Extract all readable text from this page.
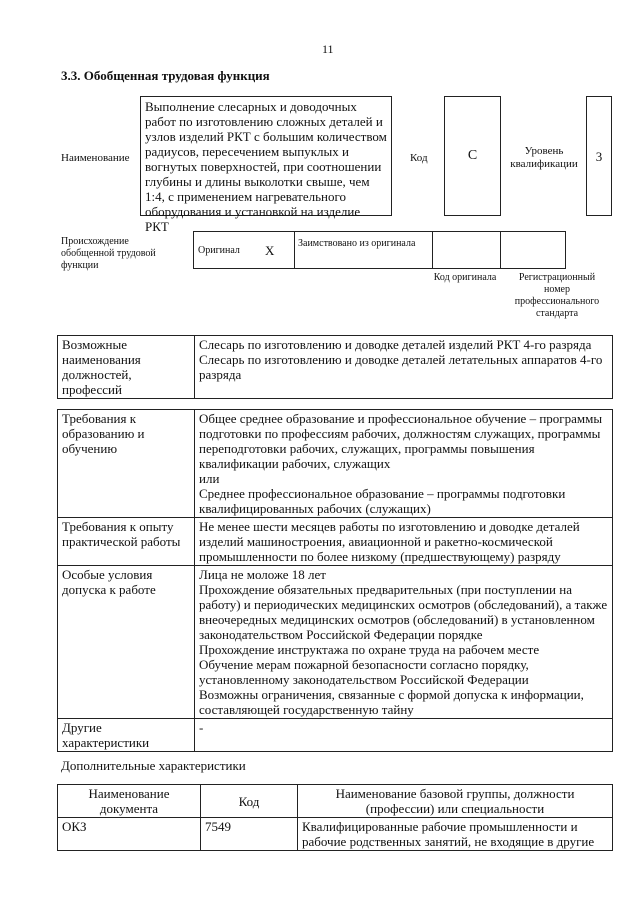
11
3.3. Обобщенная трудовая функция
Наименование
Выполнение слесарных и доводочных работ по изготовлению сложных деталей и узлов изделий РКТ с большим количеством радиусов, пересечением выпуклых и вогнутых поверхностей, при соотношении глубины и длины выколотки свыше, чем 1:4, с применением нагревательного оборудования и установкой на изделие РКТ
Код	C	Уровень квалификации	3
Происхождение обобщенной трудовой функции
Оригинал X Заимствовано из оригинала
Код оригинала	Регистрационный номер профессионального стандарта
Возможные наименования должностей, профессий	Слесарь по изготовлению и доводке деталей изделий РКТ 4-го разряда
Слесарь по изготовлению и доводке деталей летательных аппаратов 4-го разряда
Требования к образованию и обучению	Общее среднее образование и профессиональное обучение – программы подготовки по профессиям рабочих, должностям служащих, программы переподготовки рабочих, служащих, программы повышения квалификации рабочих, служащих
или
Среднее профессиональное образование – программы подготовки квалифицированных рабочих (служащих)
Требования к опыту практической работы	Не менее шести месяцев работы по изготовлению и доводке деталей изделий машиностроения, авиационной и ракетно-космической промышленности по более низкому (предшествующему) разряду
Особые условия допуска к работе	Лица не моложе 18 лет
Прохождение обязательных предварительных (при поступлении на работу) и периодических медицинских осмотров (обследований), а также внеочередных медицинских осмотров (обследований) в установленном законодательством Российской Федерации порядке
Прохождение инструктажа по охране труда на рабочем месте
Обучение мерам пожарной безопасности согласно порядку, установленному законодательством Российской Федерации
Возможны ограничения, связанные с формой допуска к информации, составляющей государственную тайну
Другие характеристики	-
Дополнительные характеристики
Наименование документа	Код	Наименование базовой группы, должности (профессии) или специальности
ОКЗ	7549	Квалифицированные рабочие промышленности и рабочие родственных занятий, не входящие в другие
